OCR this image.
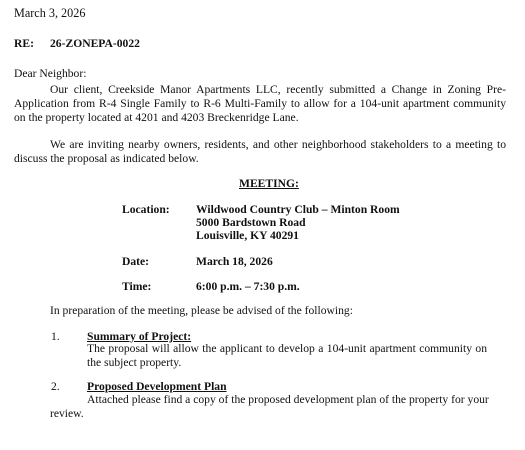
March 3, 2026
RE: 26-ZONEPA-0022
Dear Neighbor:
Our client, Creekside Manor Apartments LLC, recently submitted a Change in Zoning Pre-Application from R-4 Single Family to R-6 Multi-Family to allow for a 104-unit apartment community on the property located at 4201 and 4203 Breckenridge Lane.
We are inviting nearby owners, residents, and other neighborhood stakeholders to a meeting to discuss the proposal as indicated below.
MEETING:
Location: Wildwood Country Club – Minton Room
5000 Bardstown Road
Louisville, KY 40291
Date:	March 18, 2026
Time:	6:00 p.m. – 7:30 p.m.
In preparation of the meeting, please be advised of the following:
1. Summary of Project:
The proposal will allow the applicant to develop a 104-unit apartment community on the subject property.
2. Proposed Development Plan
Attached please find a copy of the proposed development plan of the property for your
review.
